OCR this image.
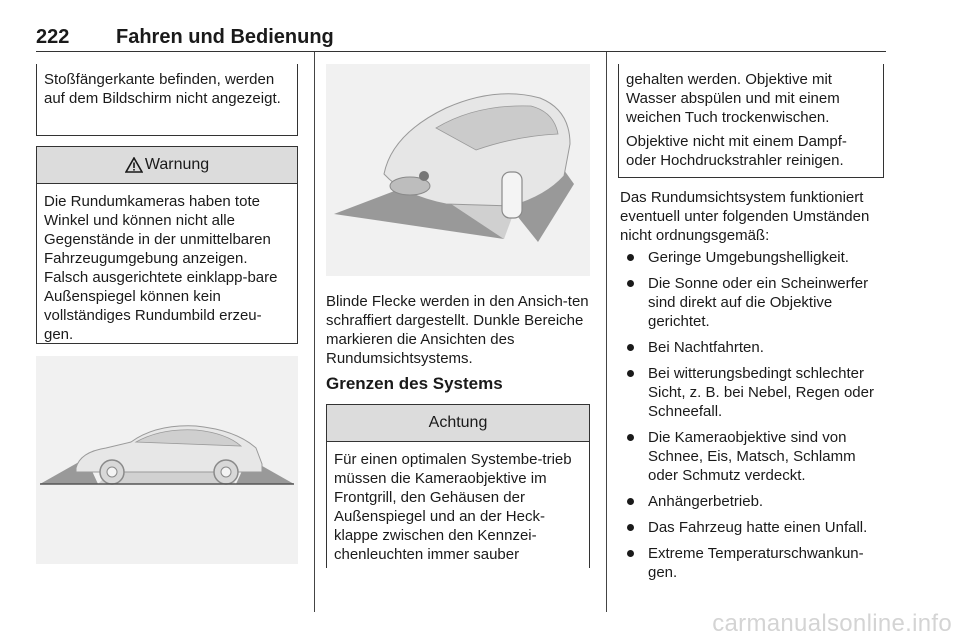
222 Fahren und Bedienung
Stoßfängerkante befinden, werden auf dem Bildschirm nicht angezeigt.
Warnung
Die Rundumkameras haben tote Winkel und können nicht alle Gegenstände in der unmittelbaren Fahrzeugumgebung anzeigen. Falsch ausgerichtete einklapp-bare Außenspiegel können kein vollständiges Rundumbild erzeu-gen.
Blinde Flecke werden in den Ansich-ten schraffiert dargestellt. Dunkle Bereiche markieren die Ansichten des Rundumsichtsystems.
Grenzen des Systems
Achtung
Für einen optimalen Systembe-trieb müssen die Kameraobjektive im Frontgrill, den Gehäusen der Außenspiegel und an der Heck-klappe zwischen den Kennzei-chenleuchten immer sauber
gehalten werden. Objektive mit Wasser abspülen und mit einem weichen Tuch trockenwischen.
Objektive nicht mit einem Dampf- oder Hochdruckstrahler reinigen.
Das Rundumsichtsystem funktioniert eventuell unter folgenden Umständen nicht ordnungsgemäß:
Geringe Umgebungshelligkeit.
Die Sonne oder ein Scheinwerfer sind direkt auf die Objektive gerichtet.
Bei Nachtfahrten.
Bei witterungsbedingt schlechter Sicht, z. B. bei Nebel, Regen oder Schneefall.
Die Kameraobjektive sind von Schnee, Eis, Matsch, Schlamm oder Schmutz verdeckt.
Anhängerbetrieb.
Das Fahrzeug hatte einen Unfall.
Extreme Temperaturschwankun-gen.
carmanualsonline.info
